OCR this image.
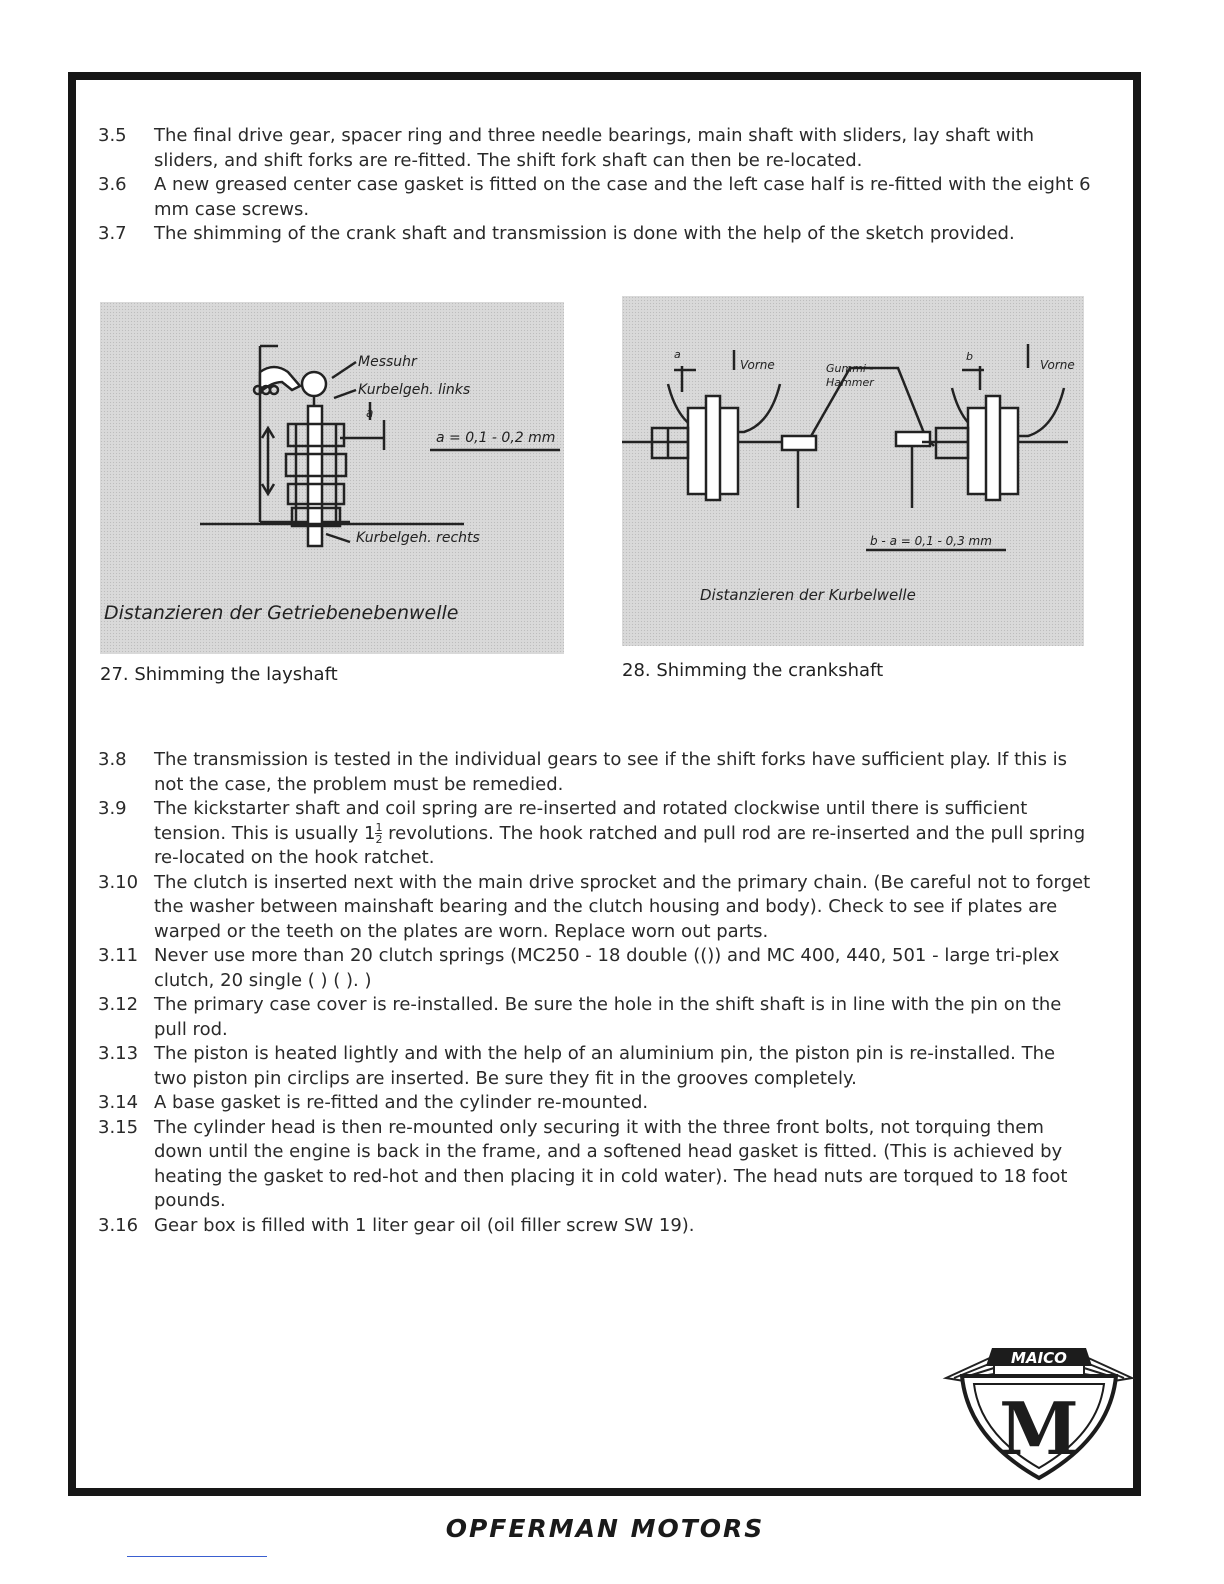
3.5 The final drive gear, spacer ring and three needle bearings, main shaft with sliders, lay shaft with sliders, and shift forks are re-fitted. The shift fork shaft can then be re-located.
3.6 A new greased center case gasket is fitted on the case and the left case half is re-fitted with the eight 6 mm case screws.
3.7 The shimming of the crank shaft and transmission is done with the help of the sketch provided.
Messuhr
Kurbelgeh. links
a
a = 0,1 - 0,2 mm
Kurbelgeh. rechts
Distanzieren der Getriebenebenwelle
27. Shimming the layshaft
a
Vorne	Gummi -
Hammer
b
Vorne
b - a = 0,1 - 0,3 mm
Distanzieren der Kurbelwelle
28. Shimming the crankshaft
3.8 The transmission is tested in the individual gears to see if the shift forks have sufficient play. If this is not the case, the problem must be remedied.
3.9 The kickstarter shaft and coil spring are re-inserted and rotated clockwise until there is sufficient tension. This is usually $1 \frac{1}{2}$ revolutions. The hook ratched and pull rod are re-inserted and the pull spring re-located on the hook ratchet.
3.10 The clutch is inserted next with the main drive sprocket and the primary chain. (Be careful not to forget the washer between mainshaft bearing and the clutch housing and body). Check to see if plates are warped or the teeth on the plates are worn. Replace worn out parts.
3.11 Never use more than 20 clutch springs (MC250 - 18 double (()) and MC 400, 440, 501 - large tri-plex clutch, 20 single ( ) ( ). )
3.12 The primary case cover is re-installed. Be sure the hole in the shift shaft is in line with the pin on the pull rod.
3.13 The piston is heated lightly and with the help of an aluminium pin, the piston pin is re-installed. The two piston pin circlips are inserted. Be sure they fit in the grooves completely.
3.14 A base gasket is re-fitted and the cylinder re-mounted.
3.15 The cylinder head is then re-mounted only securing it with the three front bolts, not torquing them down until the engine is back in the frame, and a softened head gasket is fitted. (This is achieved by heating the gasket to red-hot and then placing it in cold water). The head nuts are torqued to 18 foot pounds.
3.16 Gear box is filled with 1 liter gear oil (oil filler screw SW 19).
MAICO
M
OPFERMAN MOTORS
